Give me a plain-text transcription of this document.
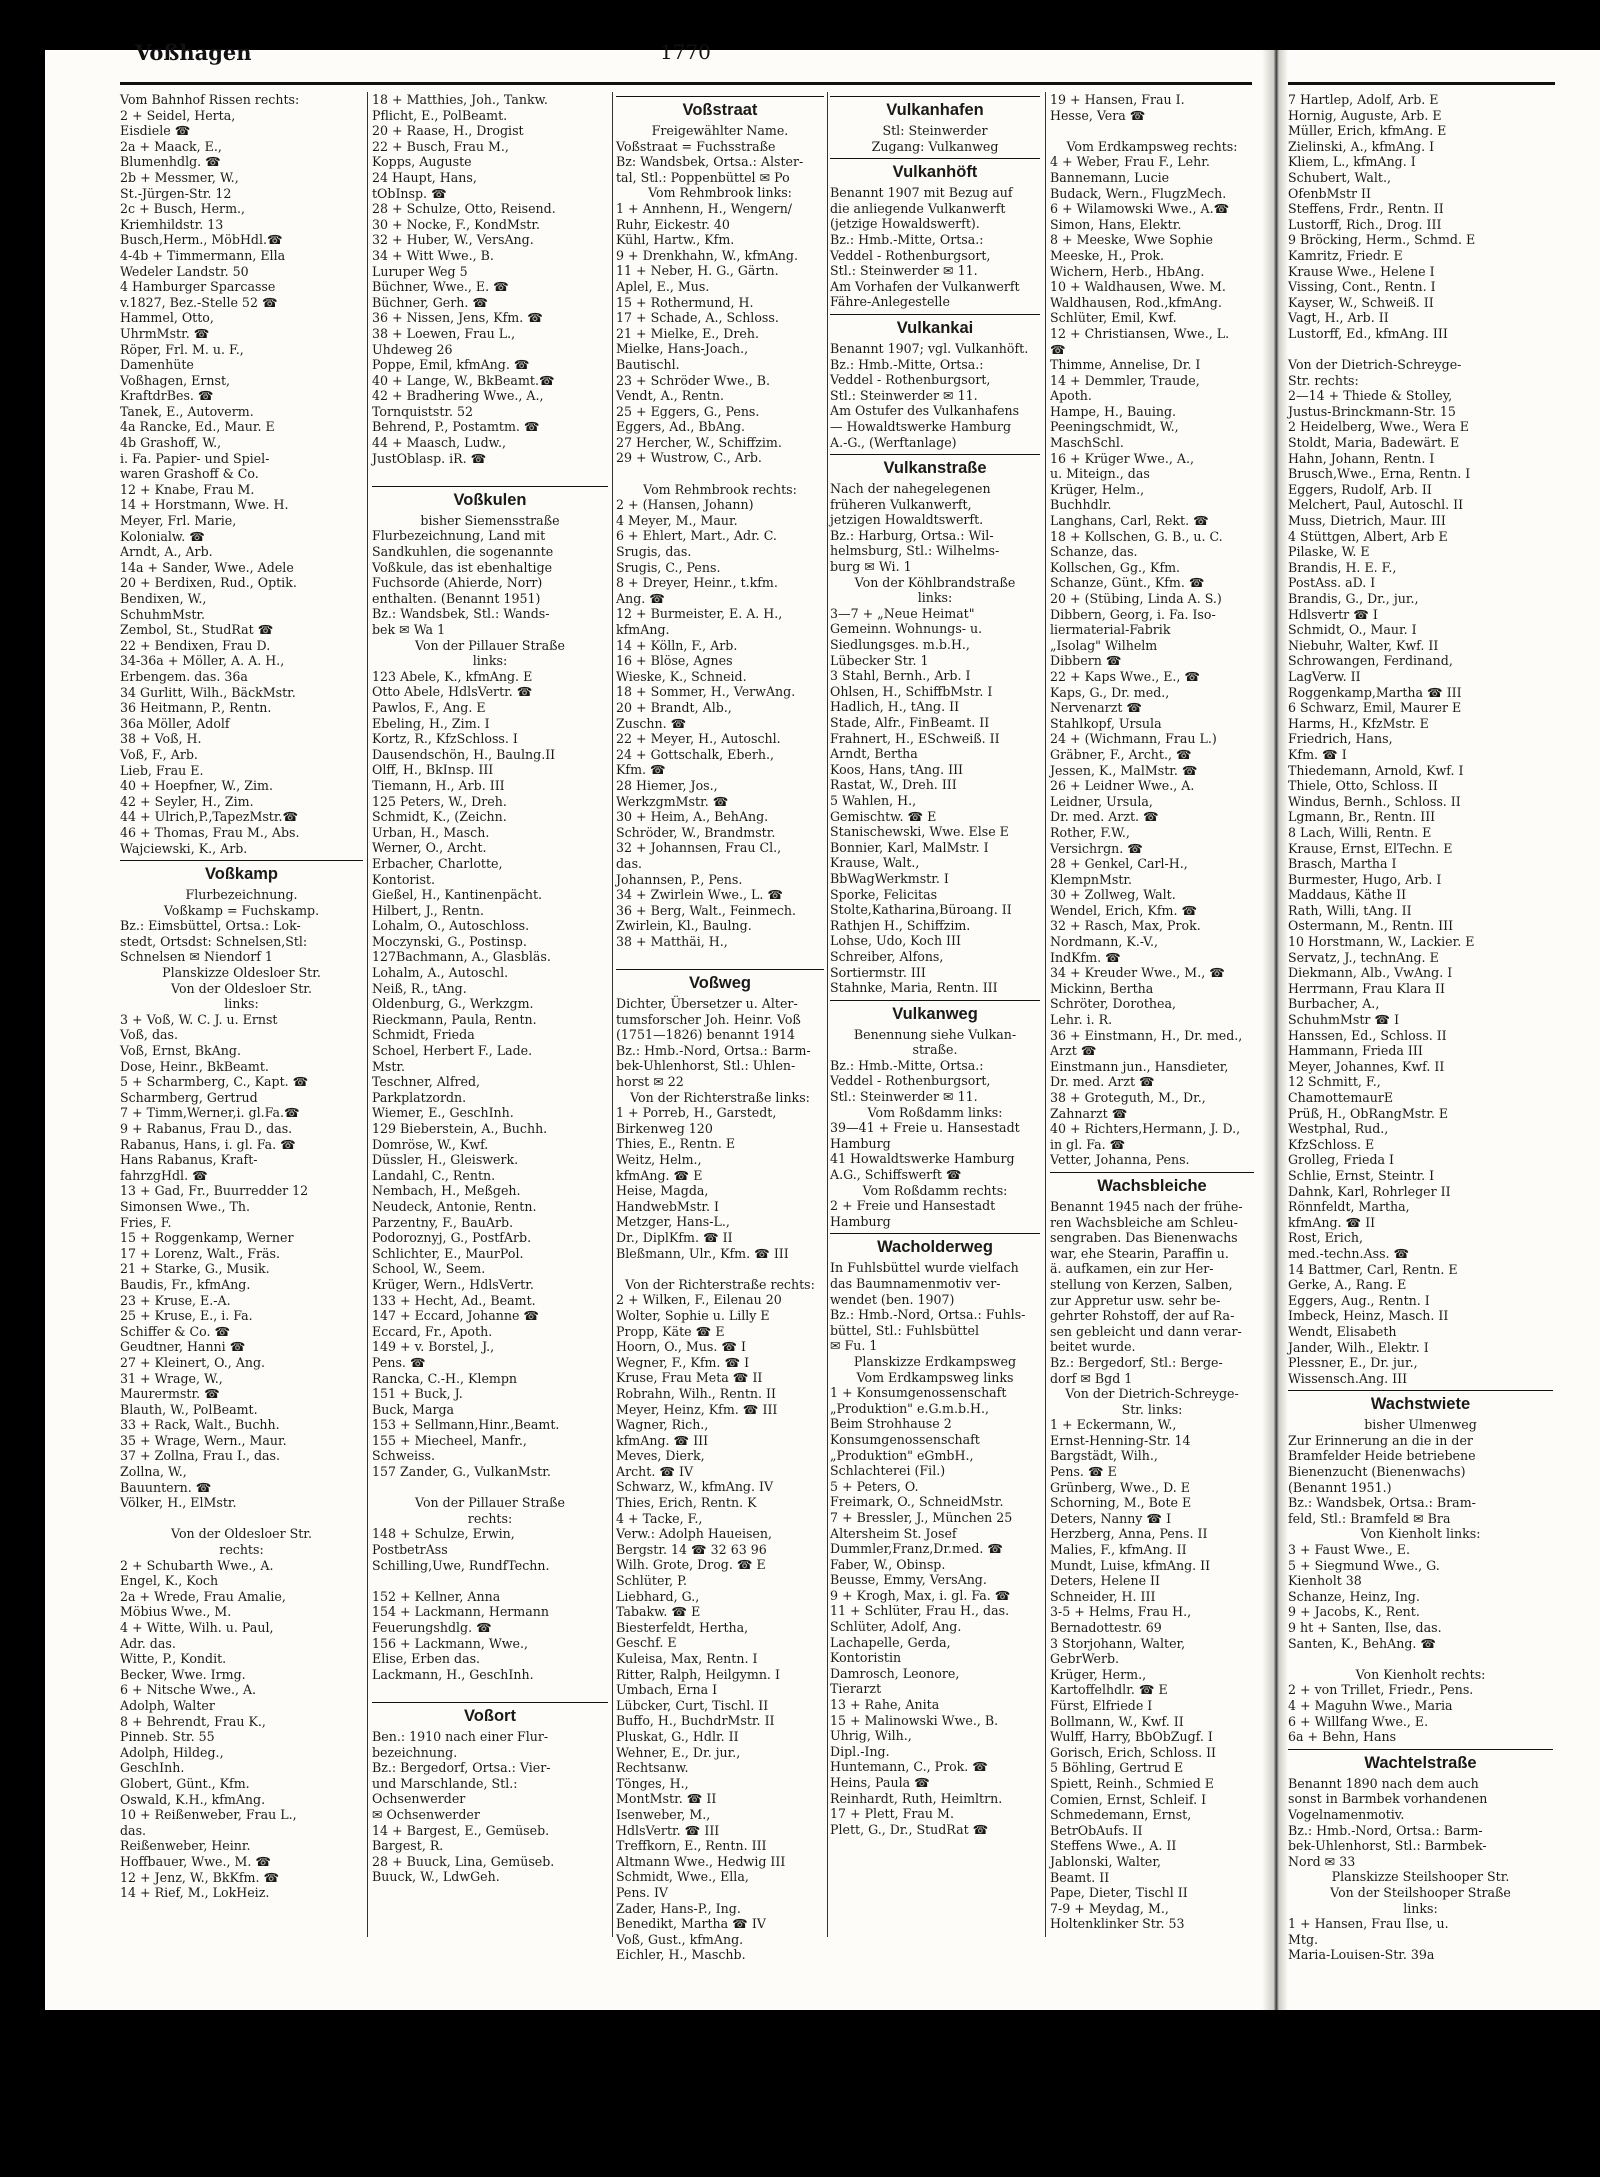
Voßhagen	1770
Vom Bahnhof Rissen rechts:
2 + Seidel, Herta,
Eisdiele ☎
2a + Maack, E.,
Blumenhdlg. ☎
2b + Messmer, W.,
St.-Jürgen-Str. 12
2c + Busch, Herm.,
Kriemhildstr. 13
Busch,Herm., MöbHdl.☎
4-4b + Timmermann, Ella
Wedeler Landstr. 50
4 Hamburger Sparcasse
v.1827, Bez.-Stelle 52 ☎
Hammel, Otto,
UhrmMstr. ☎
Röper, Frl. M. u. F.,
Damenhüte
Voßhagen, Ernst,
KraftdrBes. ☎
Tanek, E., Autoverm.
4a Rancke, Ed., Maur. E
4b Grashoff, W.,
i. Fa. Papier- und Spiel-
waren Grashoff & Co.
12 + Knabe, Frau M.
14 + Horstmann, Wwe. H.
Meyer, Frl. Marie,
Kolonialw. ☎
Arndt, A., Arb.
14a + Sander, Wwe., Adele
20 + Berdixen, Rud., Optik.
Bendixen, W.,
SchuhmMstr.
Zembol, St., StudRat ☎
22 + Bendixen, Frau D.
34-36a + Möller, A. A. H.,
Erbengem. das. 36a
34 Gurlitt, Wilh., BäckMstr.
36 Heitmann, P., Rentn.
36a Möller, Adolf
38 + Voß, H.
Voß, F., Arb.
Lieb, Frau E.
40 + Hoepfner, W., Zim.
42 + Seyler, H., Zim.
44 + Ulrich,P.,TapezMstr.☎
46 + Thomas, Frau M., Abs.
Wajciewski, K., Arb.
Voßkamp
Flurbezeichnung.
Voßkamp = Fuchskamp.
Bz.: Eimsbüttel, Ortsa.: Lok-
stedt, Ortsdst: Schnelsen,Stl:
Schnelsen ✉ Niendorf 1
Planskizze Oldesloer Str.
Von der Oldesloer Str.
links:
3 + Voß, W. C. J. u. Ernst
Voß, das.
Voß, Ernst, BkAng.
Dose, Heinr., BkBeamt.
5 + Scharmberg, C., Kapt. ☎
Scharmberg, Gertrud
7 + Timm,Werner,i. gl.Fa.☎
9 + Rabanus, Frau D., das.
Rabanus, Hans, i. gl. Fa. ☎
Hans Rabanus, Kraft-
fahrzgHdl. ☎
13 + Gad, Fr., Buurredder 12
Simonsen Wwe., Th.
Fries, F.
15 + Roggenkamp, Werner
17 + Lorenz, Walt., Fräs.
21 + Starke, G., Musik.
Baudis, Fr., kfmAng.
23 + Kruse, E.-A.
25 + Kruse, E., i. Fa.
Schiffer & Co. ☎
Geudtner, Hanni ☎
27 + Kleinert, O., Ang.
31 + Wrage, W.,
Maurermstr. ☎
Blauth, W., PolBeamt.
33 + Rack, Walt., Buchh.
35 + Wrage, Wern., Maur.
37 + Zollna, Frau I., das.
Zollna, W.,
Bauuntern. ☎
Völker, H., ElMstr.

Von der Oldesloer Str.
rechts:
2 + Schubarth Wwe., A.
Engel, K., Koch
2a + Wrede, Frau Amalie,
Möbius Wwe., M.
4 + Witte, Wilh. u. Paul,
Adr. das.
Witte, P., Kondit.
Becker, Wwe. Irmg.
6 + Nitsche Wwe., A.
Adolph, Walter
8 + Behrendt, Frau K.,
Pinneb. Str. 55
Adolph, Hildeg.,
GeschInh.
Globert, Günt., Kfm.
Oswald, K.H., kfmAng.
10 + Reißenweber, Frau L.,
das.
Reißenweber, Heinr.
Hoffbauer, Wwe., M. ☎
12 + Jenz, W., BkKfm. ☎
14 + Rief, M., LokHeiz.
18 + Matthies, Joh., Tankw.
Pflicht, E., PolBeamt.
20 + Raase, H., Drogist
22 + Busch, Frau M.,
Kopps, Auguste
24 Haupt, Hans,
tObInsp. ☎
28 + Schulze, Otto, Reisend.
30 + Nocke, F., KondMstr.
32 + Huber, W., VersAng.
34 + Witt Wwe., B.
Luruper Weg 5
Büchner, Wwe., E. ☎
Büchner, Gerh. ☎
36 + Nissen, Jens, Kfm. ☎
38 + Loewen, Frau L.,
Uhdeweg 26
Poppe, Emil, kfmAng. ☎
40 + Lange, W., BkBeamt.☎
42 + Bradhering Wwe., A.,
Tornquiststr. 52
Behrend, P., Postamtm. ☎
44 + Maasch, Ludw.,
JustOblasp. iR. ☎

Voßkulen
bisher Siemensstraße
Flurbezeichnung, Land mit
Sandkuhlen, die sogenannte
Voßkule, das ist ebenhaltige
Fuchsorde (Ahierde, Norr)
enthalten. (Benannt 1951)
Bz.: Wandsbek, Stl.: Wands-
bek ✉ Wa 1
Von der Pillauer Straße
links:
123 Abele, K., kfmAng. E
Otto Abele, HdlsVertr. ☎
Pawlos, F., Ang. E
Ebeling, H., Zim. I
Kortz, R., KfzSchloss. I
Dausendschön, H., Baulng.II
Olff, H., BkInsp. III
Tiemann, H., Arb. III
125 Peters, W., Dreh.
Schmidt, K., (Zeichn.
Urban, H., Masch.
Werner, O., Archt.
Erbacher, Charlotte,
Kontorist.
Gießel, H., Kantinenpächt.
Hilbert, J., Rentn.
Lohalm, O., Autoschloss.
Moczynski, G., Postinsp.
127Bachmann, A., Glasbläs.
Lohalm, A., Autoschl.
Neiß, R., tAng.
Oldenburg, G., Werkzgm.
Rieckmann, Paula, Rentn.
Schmidt, Frieda
Schoel, Herbert F., Lade.
Mstr.
Teschner, Alfred,
Parkplatzordn.
Wiemer, E., GeschInh.
129 Bieberstein, A., Buchh.
Domröse, W., Kwf.
Düssler, H., Gleiswerk.
Landahl, C., Rentn.
Nembach, H., Meßgeh.
Neudeck, Antonie, Rentn.
Parzentny, F., BauArb.
Podoroznyj, G., PostfArb.
Schlichter, E., MaurPol.
School, W., Seem.
Krüger, Wern., HdlsVertr.
133 + Hecht, Ad., Beamt.
147 + Eccard, Johanne ☎
Eccard, Fr., Apoth.
149 + v. Borstel, J.,
Pens. ☎
Rancka, C.-H., Klempn
151 + Buck, J.
Buck, Marga
153 + Sellmann,Hinr.,Beamt.
155 + Miecheel, Manfr.,
Schweiss.
157 Zander, G., VulkanMstr.

Von der Pillauer Straße
rechts:
148 + Schulze, Erwin,
PostbetrAss
Schilling,Uwe, RundfTechn.

152 + Kellner, Anna
154 + Lackmann, Hermann
Feuerungshdlg. ☎
156 + Lackmann, Wwe.,
Elise, Erben das.
Lackmann, H., GeschInh.

Voßort
Ben.: 1910 nach einer Flur-
bezeichnung.
Bz.: Bergedorf, Ortsa.: Vier-
und Marschlande, Stl.:
Ochsenwerder
✉ Ochsenwerder
14 + Bargest, E., Gemüseb.
Bargest, R.
28 + Buuck, Lina, Gemüseb.
Buuck, W., LdwGeh.
Voßstraat
Freigewählter Name.
Voßstraat = Fuchsstraße
Bz: Wandsbek, Ortsa.: Alster-
tal, Stl.: Poppenbüttel ✉ Po
Vom Rehmbrook links:
1 + Annhenn, H., Wengern/
Ruhr, Eickestr. 40
Kühl, Hartw., Kfm.
9 + Drenkhahn, W., kfmAng.
11 + Neber, H. G., Gärtn.
Aplel, E., Mus.
15 + Rothermund, H.
17 + Schade, A., Schloss.
21 + Mielke, E., Dreh.
Mielke, Hans-Joach.,
Bautischl.
23 + Schröder Wwe., B.
Vendt, A., Rentn.
25 + Eggers, G., Pens.
Eggers, Ad., BbAng.
27 Hercher, W., Schiffzim.
29 + Wustrow, C., Arb.

Vom Rehmbrook rechts:
2 + (Hansen, Johann)
4 Meyer, M., Maur.
6 + Ehlert, Mart., Adr. C.
Srugis, das.
Srugis, C., Pens.
8 + Dreyer, Heinr., t.kfm.
Ang. ☎
12 + Burmeister, E. A. H.,
kfmAng.
14 + Kölln, F., Arb.
16 + Blöse, Agnes
Wieske, K., Schneid.
18 + Sommer, H., VerwAng.
20 + Brandt, Alb.,
Zuschn. ☎
22 + Meyer, H., Autoschl.
24 + Gottschalk, Eberh.,
Kfm. ☎
28 Hiemer, Jos.,
WerkzgmMstr. ☎
30 + Heim, A., BehAng.
Schröder, W., Brandmstr.
32 + Johannsen, Frau Cl.,
das.
Johannsen, P., Pens.
34 + Zwirlein Wwe., L. ☎
36 + Berg, Walt., Feinmech.
Zwirlein, Kl., Baulng.
38 + Matthäi, H.,

Voßweg
Dichter, Übersetzer u. Alter-
tumsforscher Joh. Heinr. Voß
(1751—1826) benannt 1914
Bz.: Hmb.-Nord, Ortsa.: Barm-
bek-Uhlenhorst, Stl.: Uhlen-
horst ✉ 22
Von der Richterstraße links:
1 + Porreb, H., Garstedt,
Birkenweg 120
Thies, E., Rentn. E
Weitz, Helm.,
kfmAng. ☎ E
Heise, Magda,
HandwebMstr. I
Metzger, Hans-L.,
Dr., DiplKfm. ☎ II
Bleßmann, Ulr., Kfm. ☎ III

Von der Richterstraße rechts:
2 + Wilken, F., Eilenau 20
Wolter, Sophie u. Lilly E
Propp, Käte ☎ E
Hoorn, O., Mus. ☎ I
Wegner, F., Kfm. ☎ I
Kruse, Frau Meta ☎ II
Robrahn, Wilh., Rentn. II
Meyer, Heinz, Kfm. ☎ III
Wagner, Rich.,
kfmAng. ☎ III
Meves, Dierk,
Archt. ☎ IV
Schwarz, W., kfmAng. IV
Thies, Erich, Rentn. K
4 + Tacke, F.,
Verw.: Adolph Haueisen,
Bergstr. 14 ☎ 32 63 96
Wilh. Grote, Drog. ☎ E
Schlüter, P.
Liebhard, G.,
Tabakw. ☎ E
Biesterfeldt, Hertha,
Geschf. E
Kuleisa, Max, Rentn. I
Ritter, Ralph, Heilgymn. I
Umbach, Erna I
Lübcker, Curt, Tischl. II
Buffo, H., BuchdrMstr. II
Pluskat, G., Hdlr. II
Wehner, E., Dr. jur.,
Rechtsanw.
Tönges, H.,
MontMstr. ☎ II
Isenweber, M.,
HdlsVertr. ☎ III
Treffkorn, E., Rentn. III
Altmann Wwe., Hedwig III
Schmidt, Wwe., Ella,
Pens. IV
Zader, Hans-P., Ing.
Benedikt, Martha ☎ IV
Voß, Gust., kfmAng.
Eichler, H., Maschb.
Vulkanhafen
Stl: Steinwerder
Zugang: Vulkanweg
Vulkanhöft
Benannt 1907 mit Bezug auf
die anliegende Vulkanwerft
(jetzige Howaldswerft).
Bz.: Hmb.-Mitte, Ortsa.:
Veddel - Rothenburgsort,
Stl.: Steinwerder ✉ 11.
Am Vorhafen der Vulkanwerft
Fähre-Anlegestelle
Vulkankai
Benannt 1907; vgl. Vulkanhöft.
Bz.: Hmb.-Mitte, Ortsa.:
Veddel - Rothenburgsort,
Stl.: Steinwerder ✉ 11.
Am Ostufer des Vulkanhafens
— Howaldtswerke Hamburg
A.-G., (Werftanlage)
Vulkanstraße
Nach der nahegelegenen
früheren Vulkanwerft,
jetzigen Howaldtswerft.
Bz.: Harburg, Ortsa.: Wil-
helmsburg, Stl.: Wilhelms-
burg ✉ Wi. 1
Von der Köhlbrandstraße
links:
3—7 + „Neue Heimat"
Gemeinn. Wohnungs- u.
Siedlungsges. m.b.H.,
Lübecker Str. 1
3 Stahl, Bernh., Arb. I
Ohlsen, H., SchiffbMstr. I
Hadlich, H., tAng. II
Stade, Alfr., FinBeamt. II
Frahnert, H., ESchweiß. II
Arndt, Bertha
Koos, Hans, tAng. III
Rastat, W., Dreh. III
5 Wahlen, H.,
Gemischtw. ☎ E
Stanischewski, Wwe. Else E
Bonnier, Karl, MalMstr. I
Krause, Walt.,
BbWagWerkmstr. I
Sporke, Felicitas
Stolte,Katharina,Büroang. II
Rathjen H., Schiffzim.
Lohse, Udo, Koch III
Schreiber, Alfons,
Sortiermstr. III
Stahnke, Maria, Rentn. III
Vulkanweg
Benennung siehe Vulkan-
straße.
Bz.: Hmb.-Mitte, Ortsa.:
Veddel - Rothenburgsort,
Stl.: Steinwerder ✉ 11.
Vom Roßdamm links:
39—41 + Freie u. Hansestadt
Hamburg
41 Howaldtswerke Hamburg
A.G., Schiffswerft ☎
Vom Roßdamm rechts:
2 + Freie und Hansestadt
Hamburg
Wacholderweg
In Fuhlsbüttel wurde vielfach
das Baumnamenmotiv ver-
wendet (ben. 1907)
Bz.: Hmb.-Nord, Ortsa.: Fuhls-
büttel, Stl.: Fuhlsbüttel
✉ Fu. 1
Planskizze Erdkampsweg
Vom Erdkampsweg links
1 + Konsumgenossenschaft
„Produktion" e.G.m.b.H.,
Beim Strohhause 2
Konsumgenossenschaft
„Produktion" eGmbH.,
Schlachterei (Fil.)
5 + Peters, O.
Freimark, O., SchneidMstr.
7 + Bressler, J., München 25
Altersheim St. Josef
Dummler,Franz,Dr.med. ☎
Faber, W., Obinsp.
Beusse, Emmy, VersAng.
9 + Krogh, Max, i. gl. Fa. ☎
11 + Schlüter, Frau H., das.
Schlüter, Adolf, Ang.
Lachapelle, Gerda,
Kontoristin
Damrosch, Leonore,
Tierarzt
13 + Rahe, Anita
15 + Malinowski Wwe., B.
Uhrig, Wilh.,
Dipl.-Ing.
Huntemann, C., Prok. ☎
Heins, Paula ☎
Reinhardt, Ruth, Heimltrn.
17 + Plett, Frau M.
Plett, G., Dr., StudRat ☎
19 + Hansen, Frau I.
Hesse, Vera ☎

Vom Erdkampsweg rechts:
4 + Weber, Frau F., Lehr.
Bannemann, Lucie
Budack, Wern., FlugzMech.
6 + Wilamowski Wwe., A.☎
Simon, Hans, Elektr.
8 + Meeske, Wwe Sophie
Meeske, H., Prok.
Wichern, Herb., HbAng.
10 + Waldhausen, Wwe. M.
Waldhausen, Rod.,kfmAng.
Schlüter, Emil, Kwf.
12 + Christiansen, Wwe., L.
☎
Thimme, Annelise, Dr. I
14 + Demmler, Traude,
Apoth.
Hampe, H., Bauing.
Peeningschmidt, W.,
MaschSchl.
16 + Krüger Wwe., A.,
u. Miteign., das
Krüger, Helm.,
Buchhdlr.
Langhans, Carl, Rekt. ☎
18 + Kollschen, G. B., u. C.
Schanze, das.
Kollschen, Gg., Kfm.
Schanze, Günt., Kfm. ☎
20 + (Stübing, Linda A. S.)
Dibbern, Georg, i. Fa. Iso-
liermaterial-Fabrik
„Isolag" Wilhelm
Dibbern ☎
22 + Kaps Wwe., E., ☎
Kaps, G., Dr. med.,
Nervenarzt ☎
Stahlkopf, Ursula
24 + (Wichmann, Frau L.)
Gräbner, F., Archt., ☎
Jessen, K., MalMstr. ☎
26 + Leidner Wwe., A.
Leidner, Ursula,
Dr. med. Arzt. ☎
Rother, F.W.,
Versichrgn. ☎
28 + Genkel, Carl-H.,
KlempnMstr.
30 + Zollweg, Walt.
Wendel, Erich, Kfm. ☎
32 + Rasch, Max, Prok.
Nordmann, K.-V.,
IndKfm. ☎
34 + Kreuder Wwe., M., ☎
Mickinn, Bertha
Schröter, Dorothea,
Lehr. i. R.
36 + Einstmann, H., Dr. med.,
Arzt ☎
Einstmann jun., Hansdieter,
Dr. med. Arzt ☎
38 + Groteguth, M., Dr.,
Zahnarzt ☎
40 + Richters,Hermann, J. D.,
in gl. Fa. ☎
Vetter, Johanna, Pens.
Wachsbleiche
Benannt 1945 nach der frühe-
ren Wachsbleiche am Schleu-
sengraben. Das Bienenwachs
war, ehe Stearin, Paraffin u.
ä. aufkamen, ein zur Her-
stellung von Kerzen, Salben,
zur Appretur usw. sehr be-
gehrter Rohstoff, der auf Ra-
sen gebleicht und dann verar-
beitet wurde.
Bz.: Bergedorf, Stl.: Berge-
dorf ✉ Bgd 1
Von der Dietrich-Schreyge-
Str. links:
1 + Eckermann, W.,
Ernst-Henning-Str. 14
Bargstädt, Wilh.,
Pens. ☎ E
Grünberg, Wwe., D. E
Schorning, M., Bote E
Deters, Nanny ☎ I
Herzberg, Anna, Pens. II
Malies, F., kfmAng. II
Mundt, Luise, kfmAng. II
Deters, Helene II
Schneider, H. III
3-5 + Helms, Frau H.,
Bernadottestr. 69
3 Storjohann, Walter,
GebrWerb.
Krüger, Herm.,
Kartoffelhdlr. ☎ E
Fürst, Elfriede I
Bollmann, W., Kwf. II
Wulff, Harry, BbObZugf. I
Gorisch, Erich, Schloss. II
5 Böhling, Gertrud E
Spiett, Reinh., Schmied E
Comien, Ernst, Schleif. I
Schmedemann, Ernst,
BetrObAufs. II
Steffens Wwe., A. II
Jablonski, Walter,
Beamt. II
Pape, Dieter, Tischl II
7-9 + Meydag, M.,
Holtenklinker Str. 53
7 Hartlep, Adolf, Arb. E
Hornig, Auguste, Arb. E
Müller, Erich, kfmAng. E
Zielinski, A., kfmAng. I
Kliem, L., kfmAng. I
Schubert, Walt.,
OfenbMstr II
Steffens, Frdr., Rentn. II
Lustorff, Rich., Drog. III
9 Bröcking, Herm., Schmd. E
Kamritz, Friedr. E
Krause Wwe., Helene I
Vissing, Cont., Rentn. I
Kayser, W., Schweiß. II
Vagt, H., Arb. II
Lustorff, Ed., kfmAng. III

Von der Dietrich-Schreyge-
Str. rechts:
2—14 + Thiede & Stolley,
Justus-Brinckmann-Str. 15
2 Heidelberg, Wwe., Wera E
Stoldt, Maria, Badewärt. E
Hahn, Johann, Rentn. I
Brusch,Wwe., Erna, Rentn. I
Eggers, Rudolf, Arb. II
Melchert, Paul, Autoschl. II
Muss, Dietrich, Maur. III
4 Stüttgen, Albert, Arb E
Pilaske, W. E
Brandis, H. E. F.,
PostAss. aD. I
Brandis, G., Dr., jur.,
Hdlsvertr ☎ I
Schmidt, O., Maur. I
Niebuhr, Walter, Kwf. II
Schrowangen, Ferdinand,
LagVerw. II
Roggenkamp,Martha ☎ III
6 Schwarz, Emil, Maurer E
Harms, H., KfzMstr. E
Friedrich, Hans,
Kfm. ☎ I
Thiedemann, Arnold, Kwf. I
Thiele, Otto, Schloss. II
Windus, Bernh., Schloss. II
Lgmann, Br., Rentn. III
8 Lach, Willi, Rentn. E
Krause, Ernst, ElTechn. E
Brasch, Martha I
Burmester, Hugo, Arb. I
Maddaus, Käthe II
Rath, Willi, tAng. II
Ostermann, M., Rentn. III
10 Horstmann, W., Lackier. E
Servatz, J., technAng. E
Diekmann, Alb., VwAng. I
Herrmann, Frau Klara II
Burbacher, A.,
SchuhmMstr ☎ I
Hanssen, Ed., Schloss. II
Hammann, Frieda III
Meyer, Johannes, Kwf. II
12 Schmitt, F.,
ChamottemaurE
Prüß, H., ObRangMstr. E
Westphal, Rud.,
KfzSchloss. E
Grolleg, Frieda I
Schlie, Ernst, Steintr. I
Dahnk, Karl, Rohrleger II
Rönnfeldt, Martha,
kfmAng. ☎ II
Rost, Erich,
med.-techn.Ass. ☎
14 Battmer, Carl, Rentn. E
Gerke, A., Rang. E
Eggers, Aug., Rentn. I
Imbeck, Heinz, Masch. II
Wendt, Elisabeth
Jander, Wilh., Elektr. I
Plessner, E., Dr. jur.,
Wissensch.Ang. III
Wachstwiete
bisher Ulmenweg
Zur Erinnerung an die in der
Bramfelder Heide betriebene
Bienenzucht (Bienenwachs)
(Benannt 1951.)
Bz.: Wandsbek, Ortsa.: Bram-
feld, Stl.: Bramfeld ✉ Bra
Von Kienholt links:
3 + Faust Wwe., E.
5 + Siegmund Wwe., G.
Kienholt 38
Schanze, Heinz, Ing.
9 + Jacobs, K., Rent.
9 ht + Santen, Ilse, das.
Santen, K., BehAng. ☎

Von Kienholt rechts:
2 + von Trillet, Friedr., Pens.
4 + Maguhn Wwe., Maria
6 + Willfang Wwe., E.
6a + Behn, Hans
Wachtelstraße
Benannt 1890 nach dem auch
sonst in Barmbek vorhandenen
Vogelnamenmotiv.
Bz.: Hmb.-Nord, Ortsa.: Barm-
bek-Uhlenhorst, Stl.: Barmbek-
Nord ✉ 33
Planskizze Steilshooper Str.
Von der Steilshooper Straße
links:
1 + Hansen, Frau Ilse, u.
Mtg.
Maria-Louisen-Str. 39a
